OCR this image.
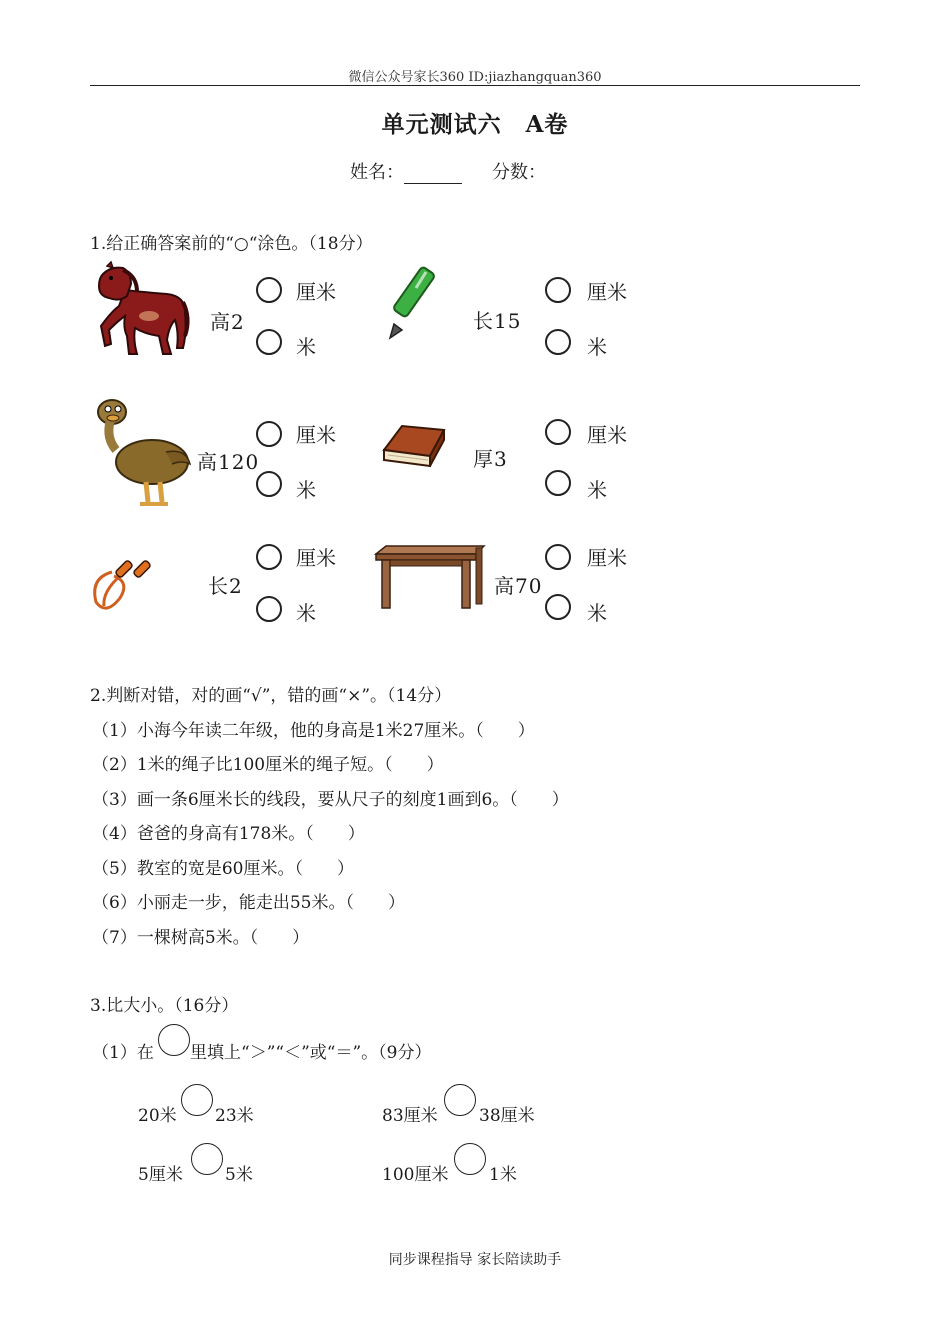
微信公众号家长360 ID:jiazhangquan360
单元测试六　A卷
姓名：	分数：
1.给正确答案前的“○“涂色。（18分）
高2
厘米
米
长15
厘米
米
高120
厘米
米
厚3
厘米
米
长2
厘米
米
高70
厘米
米
2.判断对错，对的画“√”，错的画“×”。（14分）
（1）小海今年读二年级，他的身高是1米27厘米。（　　）
（2）1米的绳子比100厘米的绳子短。（　　）
（3）画一条6厘米长的线段，要从尺子的刻度1画到6。（　　）
（4）爸爸的身高有178米。（　　）
（5）教室的宽是60厘米。（　　）
（6）小丽走一步，能走出55米。（　　）
（7）一棵树高5米。（　　）
3.比大小。（16分）
（1）在 里填上“＞”“＜”或“＝”。（9分）
20米 23米	83厘米 38厘米
5厘米 5米	100厘米 1米
同步课程指导 家长陪读助手
